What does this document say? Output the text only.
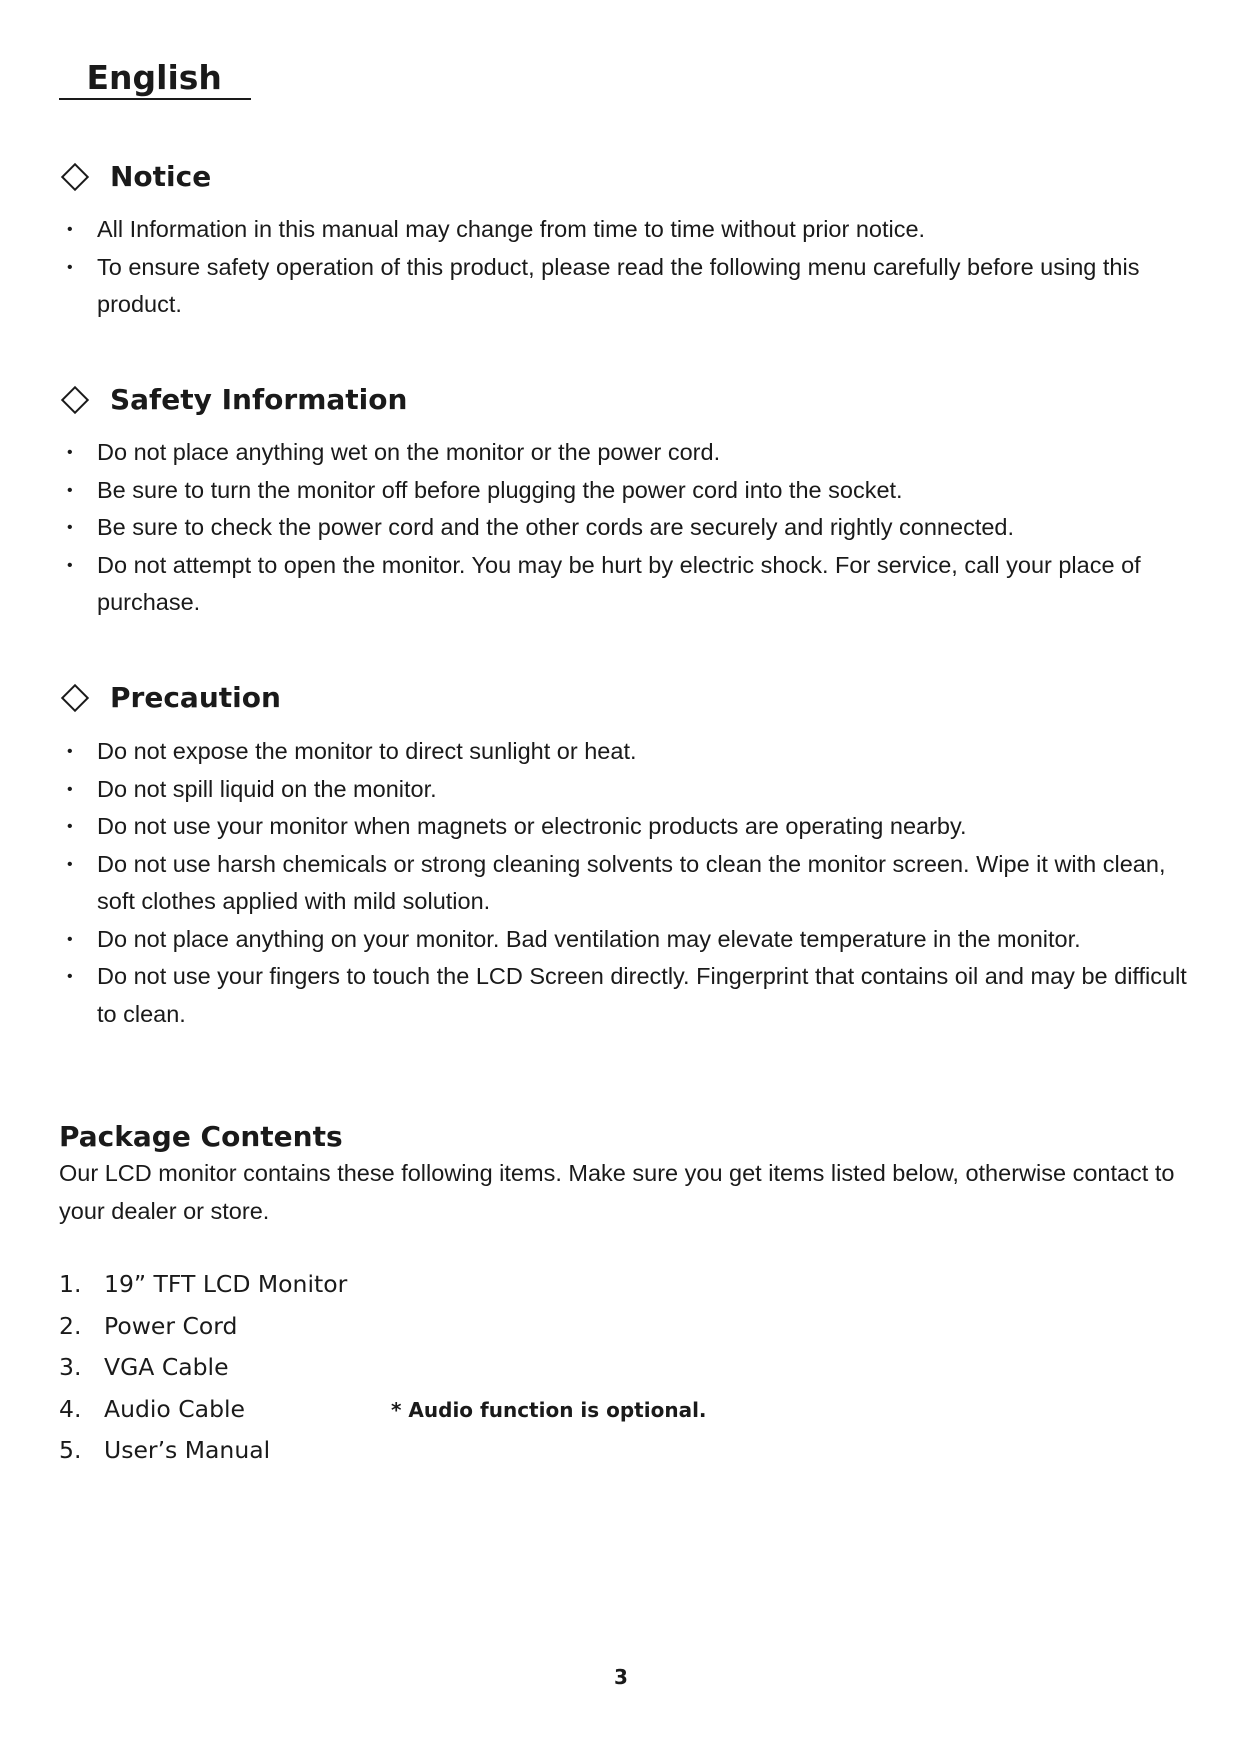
English
Notice
• All Information in this manual may change from time to time without prior notice.
• To ensure safety operation of this product, please read the following menu carefully before using this product.
Safety Information
• Do not place anything wet on the monitor or the power cord.
• Be sure to turn the monitor off before plugging the power cord into the socket.
• Be sure to check the power cord and the other cords are securely and rightly connected.
• Do not attempt to open the monitor. You may be hurt by electric shock. For service, call your place of purchase.
Precaution
• Do not expose the monitor to direct sunlight or heat.
• Do not spill liquid on the monitor.
• Do not use your monitor when magnets or electronic products are operating nearby.
• Do not use harsh chemicals or strong cleaning solvents to clean the monitor screen. Wipe it with clean, soft clothes applied with mild solution.
• Do not place anything on your monitor. Bad ventilation may elevate temperature in the monitor.
• Do not use your fingers to touch the LCD Screen directly. Fingerprint that contains oil and may be difficult to clean.
Package Contents
Our LCD monitor contains these following items. Make sure you get items listed below, otherwise contact to your dealer or store.
1. 19” TFT LCD Monitor
2. Power Cord
3. VGA Cable
4. Audio Cable	* Audio function is optional.
5. User’s Manual
3
